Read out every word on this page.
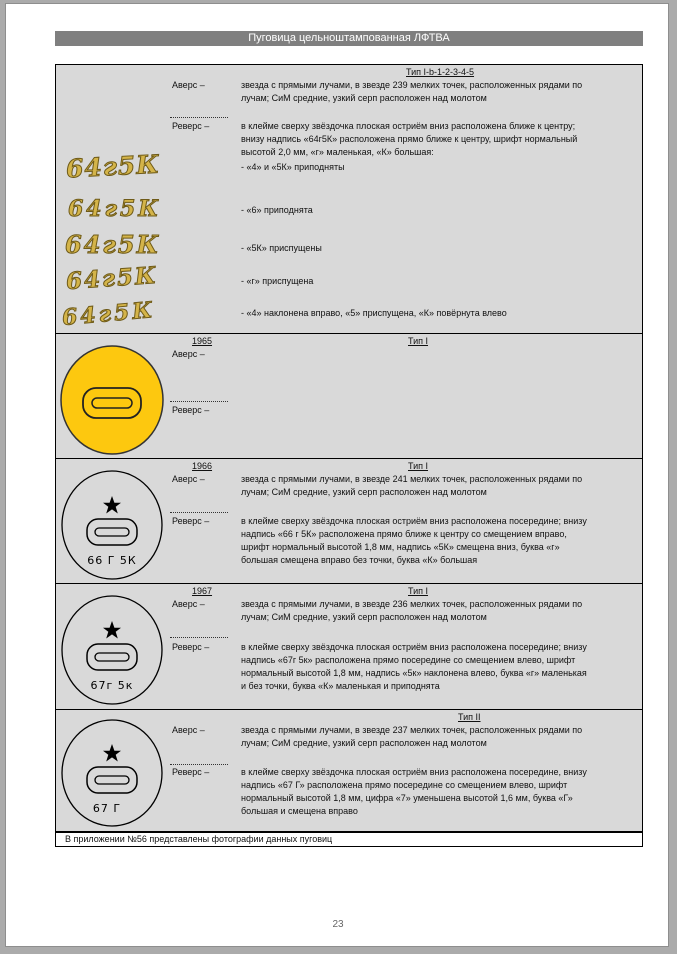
23
Пуговица цельноштампованная ЛФТВА
Тип I-b-1-2-3-4-5
Аверс –	звезда с прямыми лучами, в звезде 239 мелких точек, расположенных рядами по
лучам; СиМ средние, узкий серп расположен над молотом
Реверс –	в клейме сверху звёздочка плоская остриём вниз расположена ближе к центру;
внизу надпись «64г5К» расположена прямо ближе к центру, шрифт нормальный
высотой 2,0 мм, «г» маленькая, «К» большая:
- «4» и «5К» приподняты
- «6» приподнята
- «5К» приспущены
- «г» приспущена
- «4» наклонена вправо, «5» приспущена, «К» повёрнута влево
64г5К
64г5К
64г5К
64г5К
64г5К
1965	Тип I
Аверс –
Реверс –
1966	Тип I
Аверс –	звезда с прямыми лучами, в звезде 241 мелких точек, расположенных рядами по
лучам; СиМ средние, узкий серп расположен над молотом
Реверс –	в клейме сверху звёздочка плоская остриём вниз расположена посередине; внизу
надпись «66 г 5К» расположена прямо ближе к центру со смещением вправо,
шрифт нормальный высотой 1,8 мм, надпись «5К» смещена вниз, буква «г»
большая смещена вправо без точки, буква «К» большая
66 Г 5К
1967	Тип I
Аверс –	звезда с прямыми лучами, в звезде 236 мелких точек, расположенных рядами по
лучам; СиМ средние, узкий серп расположен над молотом
Реверс –	в клейме сверху звёздочка плоская остриём вниз расположена посередине; внизу
надпись «67г 5к» расположена прямо посередине со смещением влево, шрифт
нормальный высотой 1,8 мм, надпись «5к» наклонена влево, буква «г» маленькая
и без точки, буква «К» маленькая и приподнята
67г 5к
Тип II
Аверс –	звезда с прямыми лучами, в звезде 237 мелких точек, расположенных рядами по
лучам; СиМ средние, узкий серп расположен над молотом
Реверс –	в клейме сверху звёздочка плоская остриём вниз расположена посередине, внизу
надпись «67 Г» расположена прямо посередине со смещением влево, шрифт
нормальный высотой 1,8 мм, цифра «7» уменьшена высотой 1,6 мм, буква «Г»
большая и смещена вправо
67 Г
В приложении №56 представлены фотографии данных пуговиц
